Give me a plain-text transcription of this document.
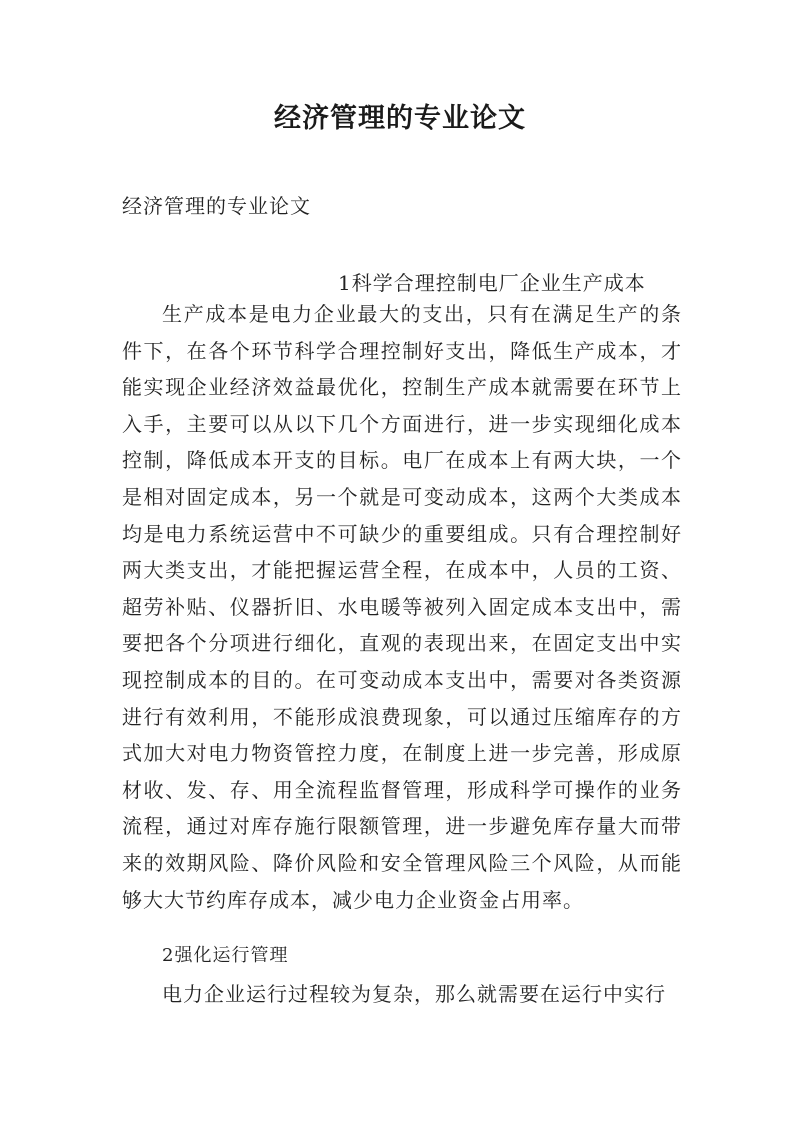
经济管理的专业论文

经济管理的专业论文

1科学合理控制电厂企业生产成本

生产成本是电力企业最大的支出，只有在满足生产的条件下，在各个环节科学合理控制好支出，降低生产成本，才能实现企业经济效益最优化，控制生产成本就需要在环节上入手，主要可以从以下几个方面进行，进一步实现细化成本控制，降低成本开支的目标。电厂在成本上有两大块，一个是相对固定成本，另一个就是可变动成本，这两个大类成本均是电力系统运营中不可缺少的重要组成。只有合理控制好两大类支出，才能把握运营全程，在成本中，人员的工资、超劳补贴、仪器折旧、水电暖等被列入固定成本支出中，需要把各个分项进行细化，直观的表现出来，在固定支出中实现控制成本的目的。在可变动成本支出中，需要对各类资源进行有效利用，不能形成浪费现象，可以通过压缩库存的方式加大对电力物资管控力度，在制度上进一步完善，形成原材收、发、存、用全流程监督管理，形成科学可操作的业务流程，通过对库存施行限额管理，进一步避免库存量大而带来的效期风险、降价风险和安全管理风险三个风险，从而能够大大节约库存成本，减少电力企业资金占用率。

2强化运行管理

电力企业运行过程较为复杂，那么就需要在运行中实行
